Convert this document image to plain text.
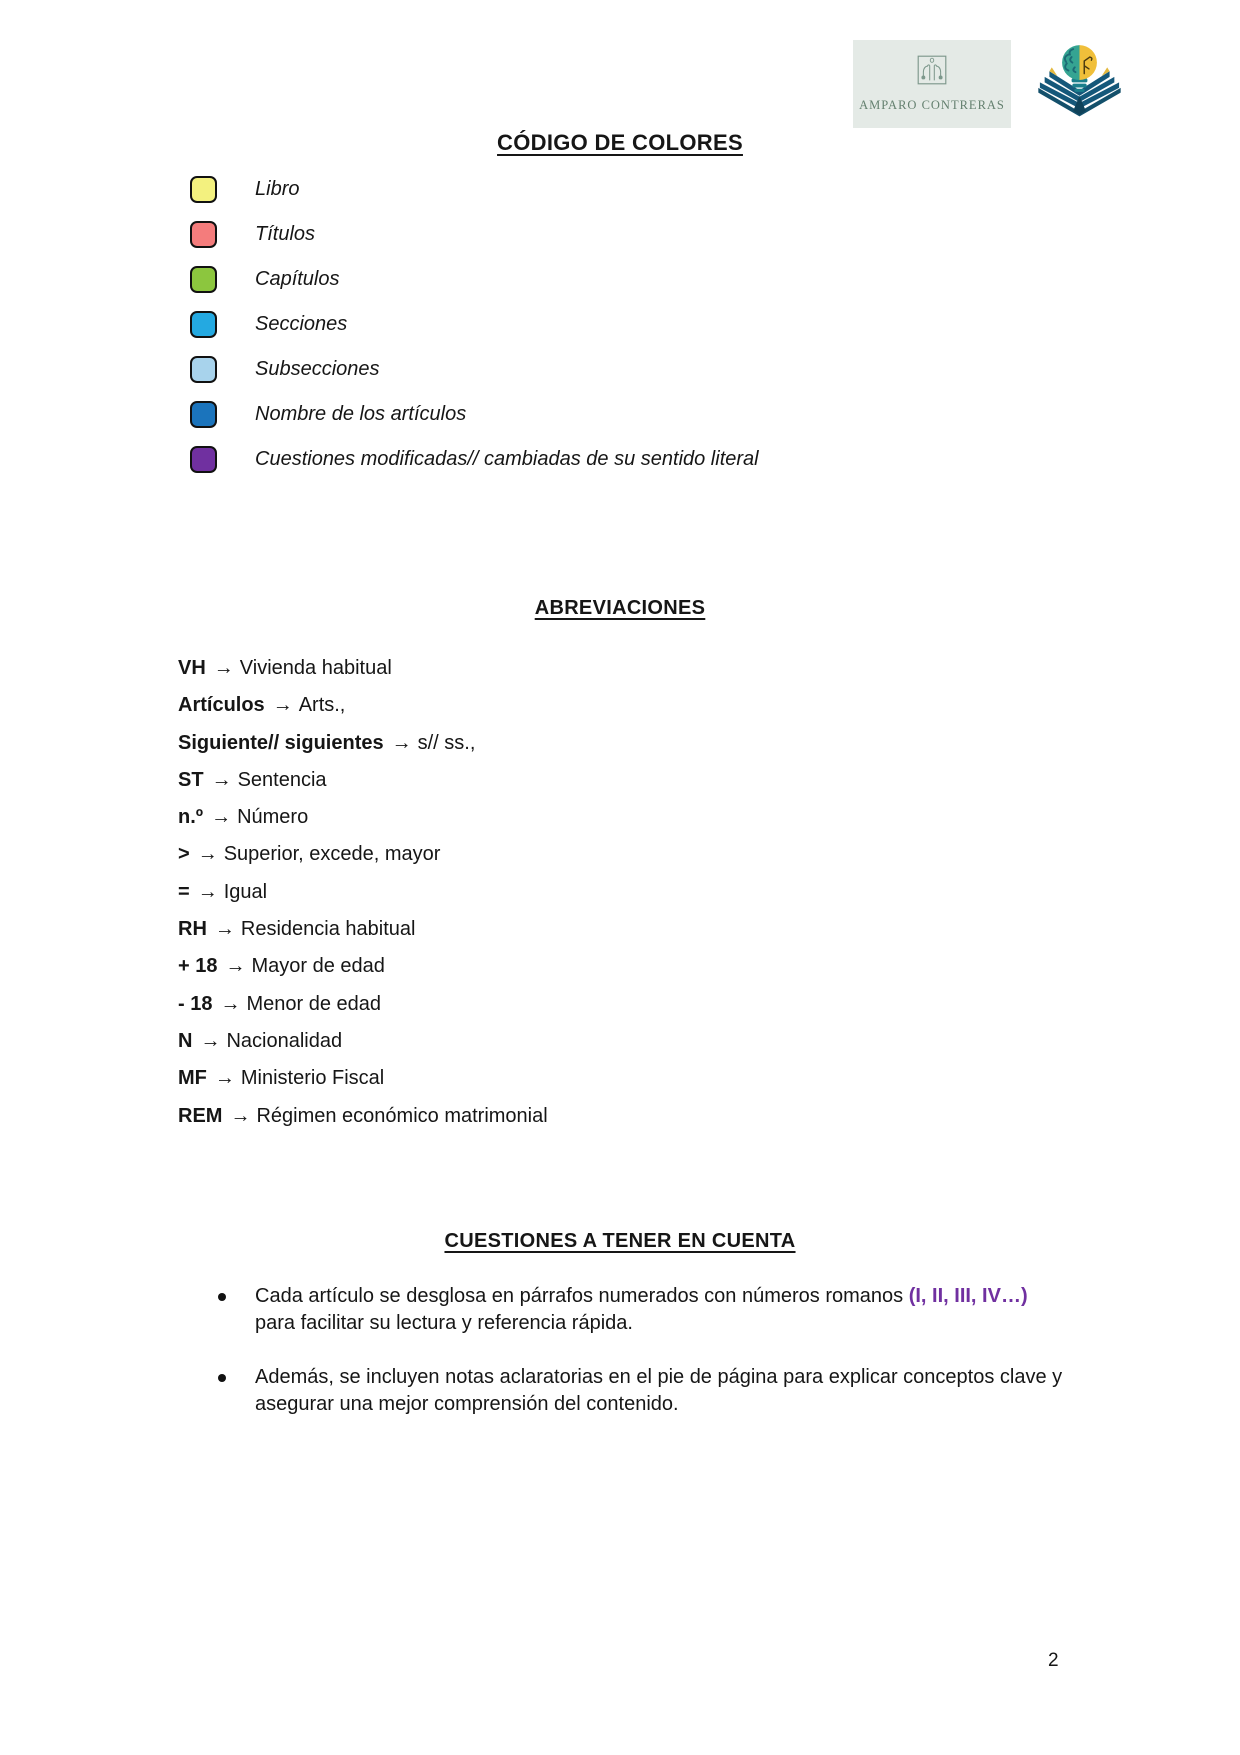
AMPARO CONTRERAS
CÓDIGO DE COLORES
Libro
Títulos
Capítulos
Secciones
Subsecciones
Nombre de los artículos
Cuestiones modificadas// cambiadas de su sentido literal
ABREVIACIONES
VH → Vivienda habitual
Artículos → Arts.,
Siguiente// siguientes → s// ss.,
ST → Sentencia
n.º → Número
> → Superior, excede, mayor
= → Igual
RH → Residencia habitual
+ 18 → Mayor de edad
- 18 → Menor de edad
N → Nacionalidad
MF → Ministerio Fiscal
REM → Régimen económico matrimonial
CUESTIONES A TENER EN CUENTA

Cada artículo se desglosa en párrafos numerados con números romanos (I, II, III, IV…) para facilitar su lectura y referencia rápida.

Además, se incluyen notas aclaratorias en el pie de página para explicar conceptos clave y asegurar una mejor comprensión del contenido.

2
